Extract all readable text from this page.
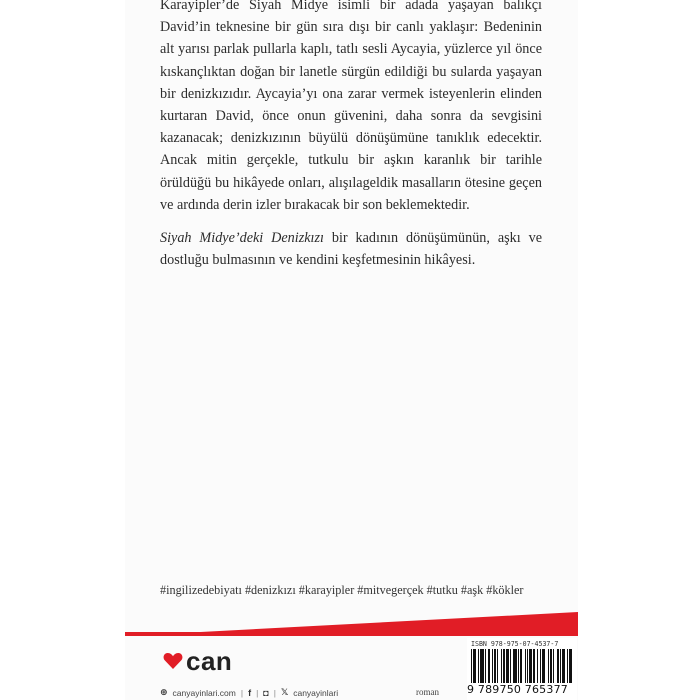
Karayipler’de Siyah Midye isimli bir adada yaşayan balıkçı David’in teknesine bir gün sıra dışı bir canlı yaklaşır: Bedeninin alt yarısı parlak pullarla kaplı, tatlı sesli Aycayia, yüzlerce yıl önce kıskançlıktan doğan bir lanetle sürgün edildiği bu sularda yaşayan bir denizkızıdır. Aycayia’yı ona zarar vermek isteyenlerin elinden kurtaran David, önce onun güvenini, daha sonra da sevgisini kazanacak; denizkızının büyülü dönüşümüne tanıklık edecektir. Ancak mitin gerçekle, tutkulu bir aşkın karanlık bir tarihle örüldüğü bu hikâyede onları, alışılageldik masalların ötesine geçen ve ardında derin izler bırakacak bir son beklemektedir.

Siyah Midye’deki Denizkızı bir kadının dönüşümünün, aşkı ve dostluğu bulmasının ve kendini keşfetmesinin hikâyesi.

#ingilizedebiyatı #denizkızı #karayipler #mitvegerçek #tutku #aşk #kökler
can
⊕ canyayinlari.com | f | ◘ | 𝕏 canyayinlari	roman
ISBN 978-975-07-4537-7
9 789750 765377
